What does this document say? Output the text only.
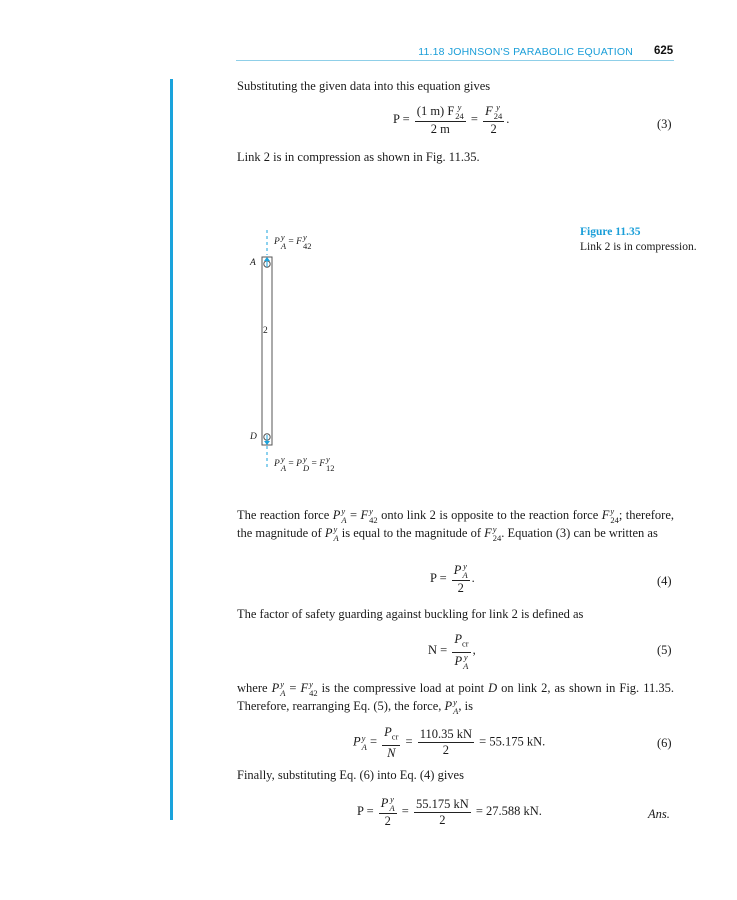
11.18 JOHNSON'S PARABOLIC EQUATION 625
Substituting the given data into this equation gives
P = (1 m) F y
24
2 m = F y
24
2 .	(3)
Link 2 is in compression as shown in Fig. 11.35.
A
D
2
P
y
A = F
y
42
P
y
A = P
y
D = F
y
12
Figure 11.35
Link 2 is in compression.
The reaction force P y
A = F y
42 onto link 2 is opposite to the reaction force F y
24 ; therefore, the magnitude of P y
A is equal to the magnitude of F y
24 . Equation (3) can be written as
P = P y
A
2 .	(4)
The factor of safety guarding against buckling for link 2 is defined as
$N = P_{cr}$
P y
A ,	(5)
where P y
A = F y
42 is the compressive load at point D on link 2, as shown in Fig. 11.35. Therefore, rearranging Eq. (5), the force, P y
A , is
P y
$A = \frac{P_{cr}}{N} = \frac{110.35 kN}{2} = 55.175$ kN.	(6)
Finally, substituting Eq. (6) into Eq. (4) gives
P = P y
A
$2 = \frac{55.175 kN}{2} = 27.588$ kN.	Ans.
